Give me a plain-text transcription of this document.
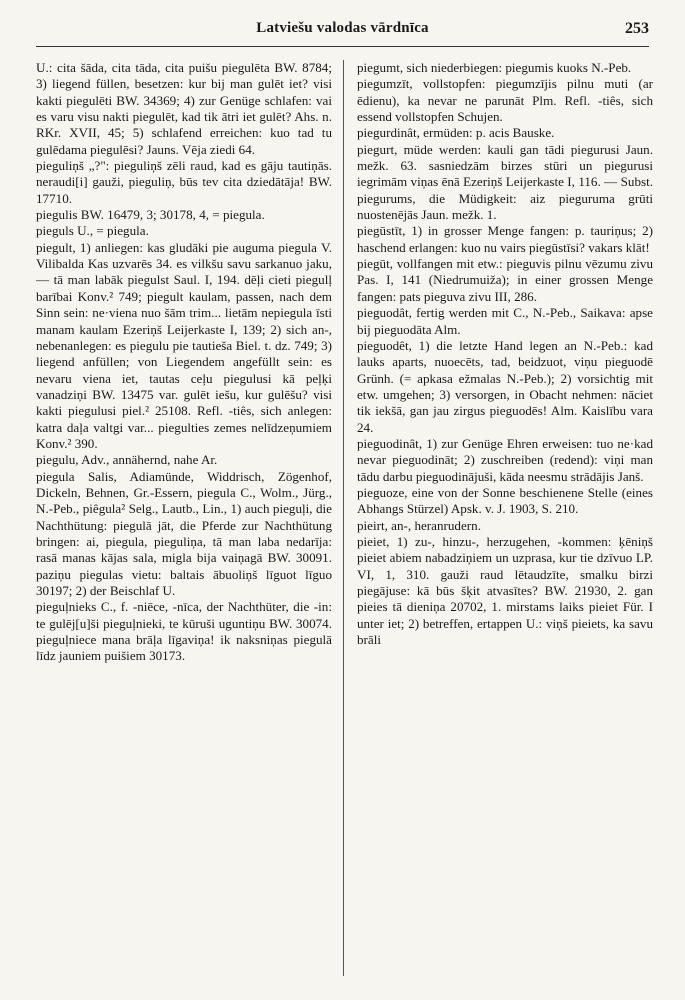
Latviešu valodas vārdnīca	253

U.: cita šāda, cita tāda, cita puišu piegulēta BW. 8784; 3) liegend füllen, besetzen: kur bij man gulēt iet? visi kakti piegulēti BW. 34369; 4) zur Genüge schlafen: vai es varu visu nakti piegulēt, kad tik ātri iet gulēt? Ahs. n. RKr. XVII, 45; 5) schlafend erreichen: kuo tad tu gulēdama piegulēsi? Jauns. Vēja ziedi 64.

pieguliņš „?": pieguliņš zēli raud, kad es gāju tautiņās. neraudi[i] gauži, pieguliņ, būs tev cita dziedātāja! BW. 17710.

piegulis BW. 16479, 3; 30178, 4, = piegula.

pieguls U., = piegula.

piegult, 1) anliegen: kas gludāki pie auguma piegula V. Vilibalda Kas uzvarēs 34. es vilkšu savu sarkanuo jaku, — tā man labāk piegulst Saul. I, 194. dēļi cieti piegulļ barībai Konv.² 749; piegult kaulam, passen, nach dem Sinn sein: ne·viena nuo šām trim... lietām nepiegula īsti manam kaulam Ezeriņš Leijerkaste I, 139; 2) sich an-, nebenanlegen: es piegulu pie tautieša Biel. t. dz. 749; 3) liegend anfüllen; von Liegendem angefüllt sein: es nevaru viena iet, tautas ceļu piegulusi kā peļķi vanadziņi BW. 13475 var. gulēt iešu, kur gulēšu? visi kakti piegulusi piel.² 25108. Refl. -tiês, sich anlegen: katra daļa valtgi var... piegulties zemes nelīdzeņumiem Konv.² 390.

piegulu, Adv., annähernd, nahe Ar.

piegula Salis, Adiamünde, Widdrisch, Zögenhof, Dickeln, Behnen, Gr.-Essern, piegula C., Wolm., Jürg., N.-Peb., piêgula² Selg., Lautb., Lin., 1) auch pieguļi, die Nachthütung: piegulā jāt, die Pferde zur Nachthütung bringen: ai, piegula, pieguliņa, tā man laba nedarīja: rasā manas kājas sala, migla bija vaiņagā BW. 30091. paziņu piegulas vietu: baltais ābuoliņš līguot līguo 30197; 2) der Beischlaf U.

pieguļnieks C., f. -niēce, -nīca, der Nachthüter, die -in: te gulēj[u]ši pieguļnieki, te kūruši uguntiņu BW. 30074. pieguļniece mana brāļa līgaviņa! ik naksniņas piegulā līdz jauniem puišiem 30173.

piegumt, sich niederbiegen: piegumis kuoks N.-Peb.

piegumzīt, vollstopfen: piegumzījis pilnu muti (ar ēdienu), ka nevar ne parunāt Plm. Refl. -tiês, sich essend vollstopfen Schujen.

piegurdinât, ermüden: p. acis Bauske.

piegurt, müde werden: kauli gan tādi piegurusi Jaun. mežk. 63. sasniedzām birzes stūri un piegurusi iegrimām viņas ēnā Ezeriņš Leijerkaste I, 116. — Subst. piegurums, die Müdigkeit: aiz piegurumа grūti nuostenējās Jaun. mežk. 1.

piegūstīt, 1) in grosser Menge fangen: p. tauriņus; 2) haschend erlangen: kuo nu vairs piegūstīsi? vakars klāt!

piegūt, vollfangen mit etw.: pieguvis pilnu vēzumu zivu Pas. I, 141 (Niedrumuiža); in einer grossen Menge fangen: pats pieguva zivu III, 286.

pieguodât, fertig werden mit C., N.-Peb., Saikava: apse bij pieguodāta Alm.

pieguodêt, 1) die letzte Hand legen an N.-Peb.: kad lauks aparts, nuoecēts, tad, beidzuot, viņu pieguodē Grünh. (= apkasa ežmalas N.-Peb.); 2) vorsichtig mit etw. umgehen; 3) versorgen, in Obacht nehmen: nāciet tik iekšā, gan jau zirgus pieguodēs! Alm. Kaislību vara 24.

pieguodinât, 1) zur Genüge Ehren erweisen: tuo ne·kad nevar pieguodināt; 2) zuschreiben (redend): viņi man tādu darbu pieguodinājuši, kāda neesmu strādājis Janš.

pieguoze, eine von der Sonne beschienene Stelle (eines Abhangs Stürzel) Apsk. v. J. 1903, S. 210.

pieirt, an-, heranrudern.

pieiet, 1) zu-, hinzu-, herzugehen, -kommen: ķēniņš pieiet abiem nabadziņiem un uzprasa, kur tie dzīvuo LP. VI, 1, 310. gauži raud lētaudzīte, smalku birzi piegājuse: kā būs šķit atvasītes? BW. 21930, 2. gan pieies tā dieniņa 20702, 1. mirstams laiks pieiet Für. I unter iet; 2) betreffen, ertappen U.: viņš pieiets, ka savu brāli
